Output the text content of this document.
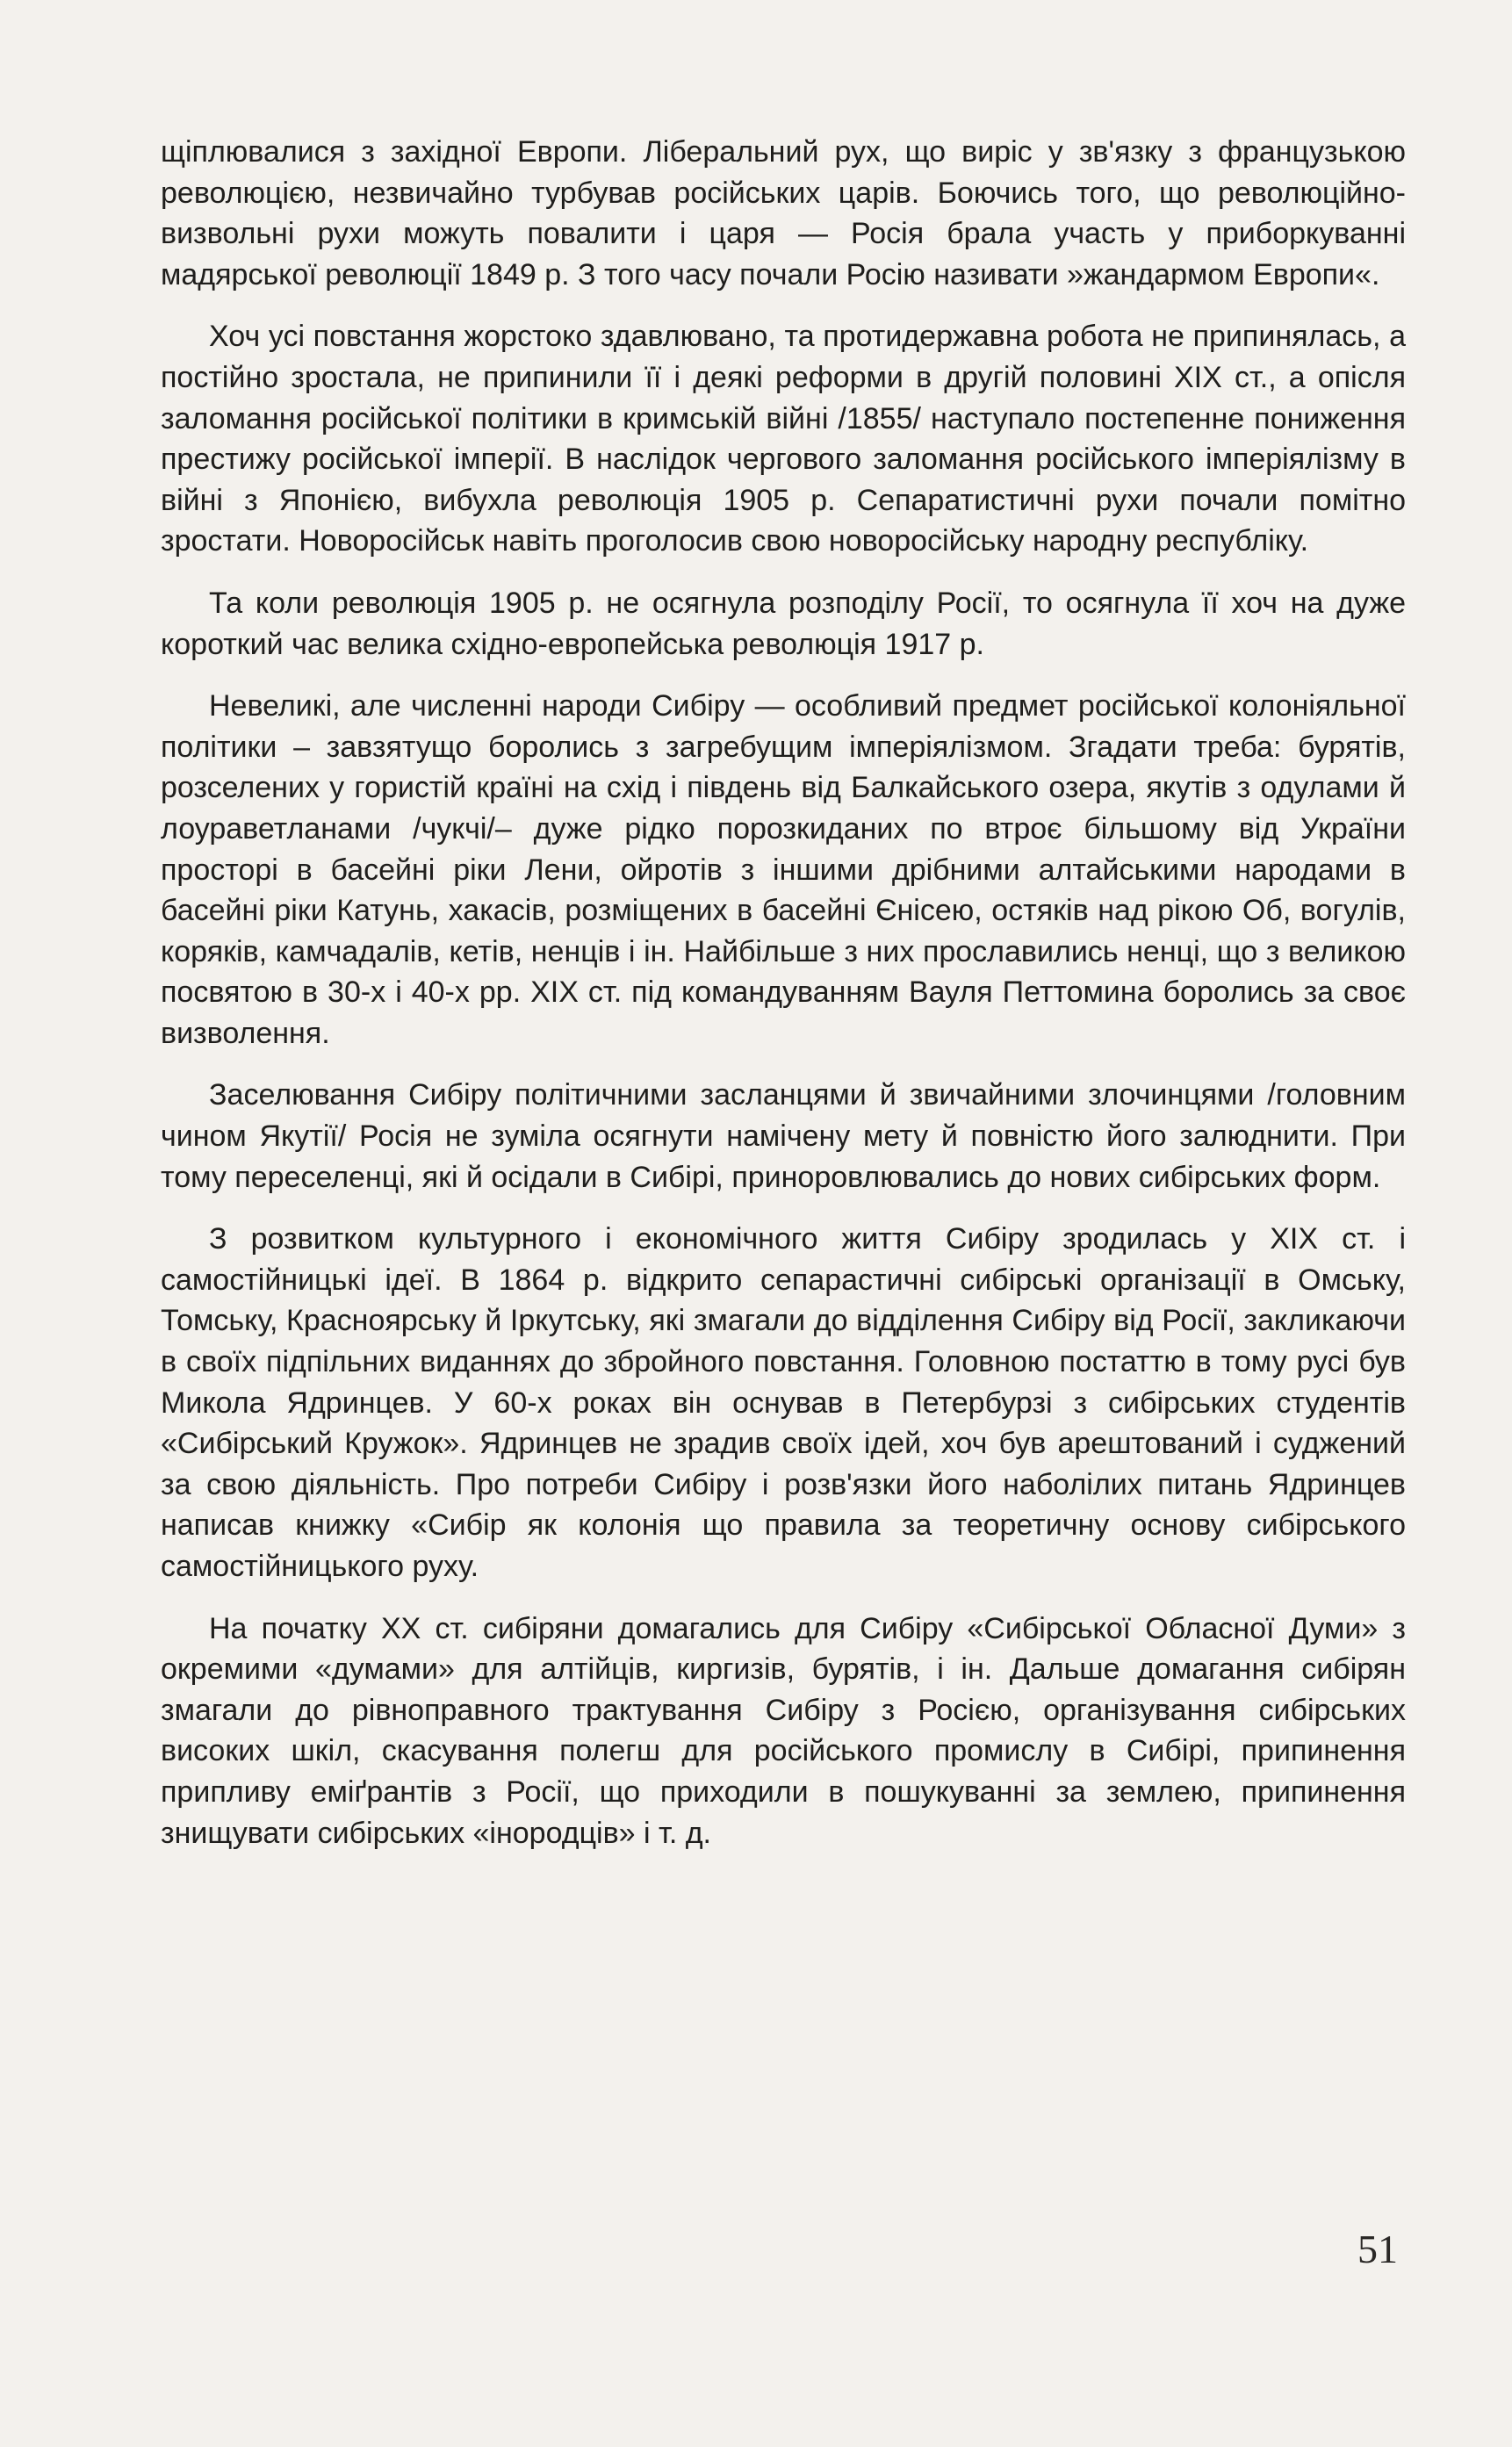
щіплювалися з західної Европи. Ліберальний рух, що виріс у зв'язку з французькою революцією, незвичайно турбував російських царів. Боючись того, що революційно-визвольні рухи можуть повалити і царя — Росія брала участь у приборкуванні мадярської революції 1849 р. З того часу почали Росію називати »жандармом Европи«.

Хоч усі повстання жорстоко здавлювано, та протидержавна робота не припинялась, а постійно зростала, не припинили її і деякі реформи в другій половині XIX ст., а опісля заломання російської політики в кримській війні /1855/ наступало постепенне пониження престижу російської імперії. В наслідок чергового заломання російського імперіялізму в війні з Японією, вибухла революція 1905 р. Сепаратистичні рухи почали помітно зростати. Новоросійськ навіть проголосив свою новоросійську народну республіку.

Та коли революція 1905 р. не осягнула розподілу Росії, то осягнула її хоч на дуже короткий час велика східно-европейська революція 1917 р.

Невеликі, але численні народи Сибіру — особливий предмет російської колоніяльної політики – завзятущо боролись з загребущим імперіялізмом. Згадати треба: бурятів, розселених у гористій країні на схід і південь від Балкайського озера, якутів з одулами й лоураветланами /чукчі/– дуже рідко порозкиданих по втроє більшому від України просторі в басейні ріки Лени, ойротів з іншими дрібними алтайськими народами в басейні ріки Катунь, хакасів, розміщених в басейні Єнісею, остяків над рікою Об, вогулів, коряків, камчадалів, кетів, ненців і ін. Найбільше з них прославились ненці, що з великою посвятою в 30-х і 40-х рр. XIX ст. під командуванням Вауля Петтомина боролись за своє визволення.

Заселювання Сибіру політичними засланцями й звичайними злочинцями /головним чином Якутії/ Росія не зуміла осягнути намічену мету й повністю його залюднити. При тому переселенці, які й осідали в Сибірі, приноровлювались до нових сибірських форм.

З розвитком культурного і економічного життя Сибіру зродилась у XIX ст. і самостійницькі ідеї. В 1864 р. відкрито сепарастичні сибірські організації в Омську, Томську, Красноярську й Іркутську, які змагали до відділення Сибіру від Росії, закликаючи в своїх підпільних виданнях до збройного повстання. Головною постаттю в тому русі був Микола Ядринцев. У 60-х роках він оснував в Петербурзі з сибірських студентів «Сибірський Кружок». Ядринцев не зрадив своїх ідей, хоч був арештований і суджений за свою діяльність. Про потреби Сибіру і розв'язки його наболілих питань Ядринцев написав книжку «Сибір як колонія що правила за теоретичну основу сибірського самостійницького руху.

На початку XX ст. сибіряни домагались для Сибіру «Сибірської Обласної Думи» з окремими «думами» для алтійців, киргизів, бурятів, і ін. Дальше домагання сибірян змагали до рівноправного трактування Сибіру з Росією, організування сибірських високих шкіл, скасування полегш для російського промислу в Сибірі, припинення припливу еміґрантів з Росії, що приходили в пошукуванні за землею, припинення знищувати сибірських «інородців» і т. д.

51
